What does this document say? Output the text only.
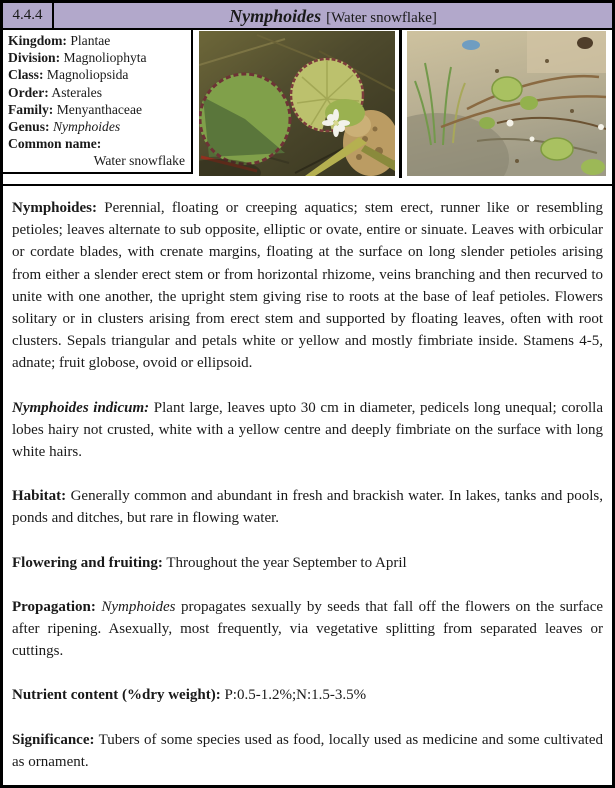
4.4.4	Nymphoides [Water snowflake]
Kingdom: Plantae
Division: Magnoliophyta
Class: Magnoliopsida
Order: Asterales
Family: Menyanthaceae
Genus: Nymphoides
Common name:
Water snowflake

Nymphoides: Perennial, floating or creeping aquatics; stem erect, runner like or resembling petioles; leaves alternate to sub opposite, elliptic or ovate, entire or sinuate. Leaves with orbicular or cordate blades, with crenate margins, floating at the surface on long slender petioles arising from either a slender erect stem or from horizontal rhizome, veins branching and then recurved to unite with one another, the upright stem giving rise to roots at the base of leaf petioles. Flowers solitary or in clusters arising from erect stem and supported by floating leaves, often with root clusters. Sepals triangular and petals white or yellow and mostly fimbriate inside. Stamens 4-5, adnate; fruit globose, ovoid or ellipsoid.

Nymphoides indicum: Plant large, leaves upto 30 cm in diameter, pedicels long unequal; corolla lobes hairy not crusted, white with a yellow centre and deeply fimbriate on the surface with long white hairs.

Habitat: Generally common and abundant in fresh and brackish water. In lakes, tanks and pools, ponds and ditches, but rare in flowing water.

Flowering and fruiting: Throughout the year September to April

Propagation: Nymphoides propagates sexually by seeds that fall off the flowers on the surface after ripening. Asexually, most frequently, via vegetative splitting from separated leaves or cuttings.

Nutrient content (%dry weight): P:0.5-1.2%;N:1.5-3.5%

Significance: Tubers of some species used as food, locally used as medicine and some cultivated as ornament.
